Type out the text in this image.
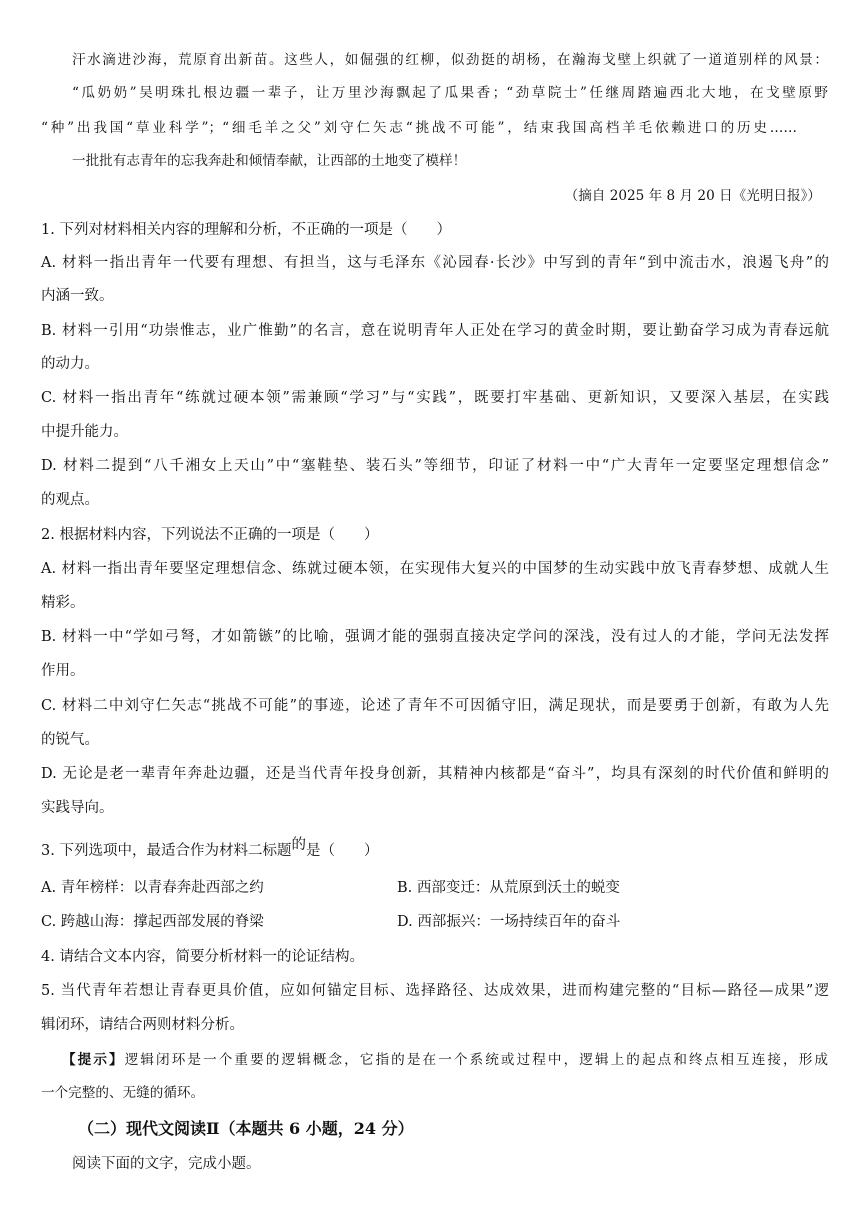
汗水滴进沙海，荒原育出新苗。这些人，如倔强的红柳，似劲挺的胡杨，在瀚海戈壁上织就了一道道别样的风景：
“瓜奶奶”吴明珠扎根边疆一辈子，让万里沙海飘起了瓜果香；“劲草院士”任继周踏遍西北大地，在戈壁原野
“种”出我国“草业科学”；“细毛羊之父”刘守仁矢志“挑战不可能”，结束我国高档羊毛依赖进口的历史……
一批批有志青年的忘我奔赴和倾情奉献，让西部的土地变了模样！
（摘自 2025 年 8 月 20 日《光明日报》）
1. 下列对材料相关内容的理解和分析，不正确的一项是（　　）
A. 材料一指出青年一代要有理想、有担当，这与毛泽东《沁园春·长沙》中写到的青年“到中流击水，浪遏飞舟”的
内涵一致。
B. 材料一引用“功崇惟志，业广惟勤”的名言，意在说明青年人正处在学习的黄金时期，要让勤奋学习成为青春远航
的动力。
C. 材料一指出青年“练就过硬本领”需兼顾“学习”与“实践”，既要打牢基础、更新知识，又要深入基层，在实践
中提升能力。
D. 材料二提到“八千湘女上天山”中“塞鞋垫、装石头”等细节，印证了材料一中“广大青年一定要坚定理想信念”
的观点。
2. 根据材料内容，下列说法不正确的一项是（　　）
A. 材料一指出青年要坚定理想信念、练就过硬本领，在实现伟大复兴的中国梦的生动实践中放飞青春梦想、成就人生
精彩。
B. 材料一中“学如弓弩，才如箭镞”的比喻，强调才能的强弱直接决定学问的深浅，没有过人的才能，学问无法发挥
作用。
C. 材料二中刘守仁矢志“挑战不可能”的事迹，论述了青年不可因循守旧，满足现状，而是要勇于创新，有敢为人先
的锐气。
D. 无论是老一辈青年奔赴边疆，还是当代青年投身创新，其精神内核都是“奋斗”，均具有深刻的时代价值和鲜明的
实践导向。
3. 下列选项中，最适合作为材料二标题的是（　　）
A. 青年榜样：以青春奔赴西部之约	B. 西部变迁：从荒原到沃土的蜕变
C. 跨越山海：撑起西部发展的脊梁	D. 西部振兴：一场持续百年的奋斗
4. 请结合文本内容，简要分析材料一的论证结构。
5. 当代青年若想让青春更具价值，应如何锚定目标、选择路径、达成效果，进而构建完整的“目标—路径—成果”逻
辑闭环，请结合两则材料分析。
【提示】逻辑闭环是一个重要的逻辑概念，它指的是在一个系统或过程中，逻辑上的起点和终点相互连接，形成
一个完整的、无缝的循环。
（二）现代文阅读Ⅱ（本题共 6 小题，24 分）
阅读下面的文字，完成小题。
